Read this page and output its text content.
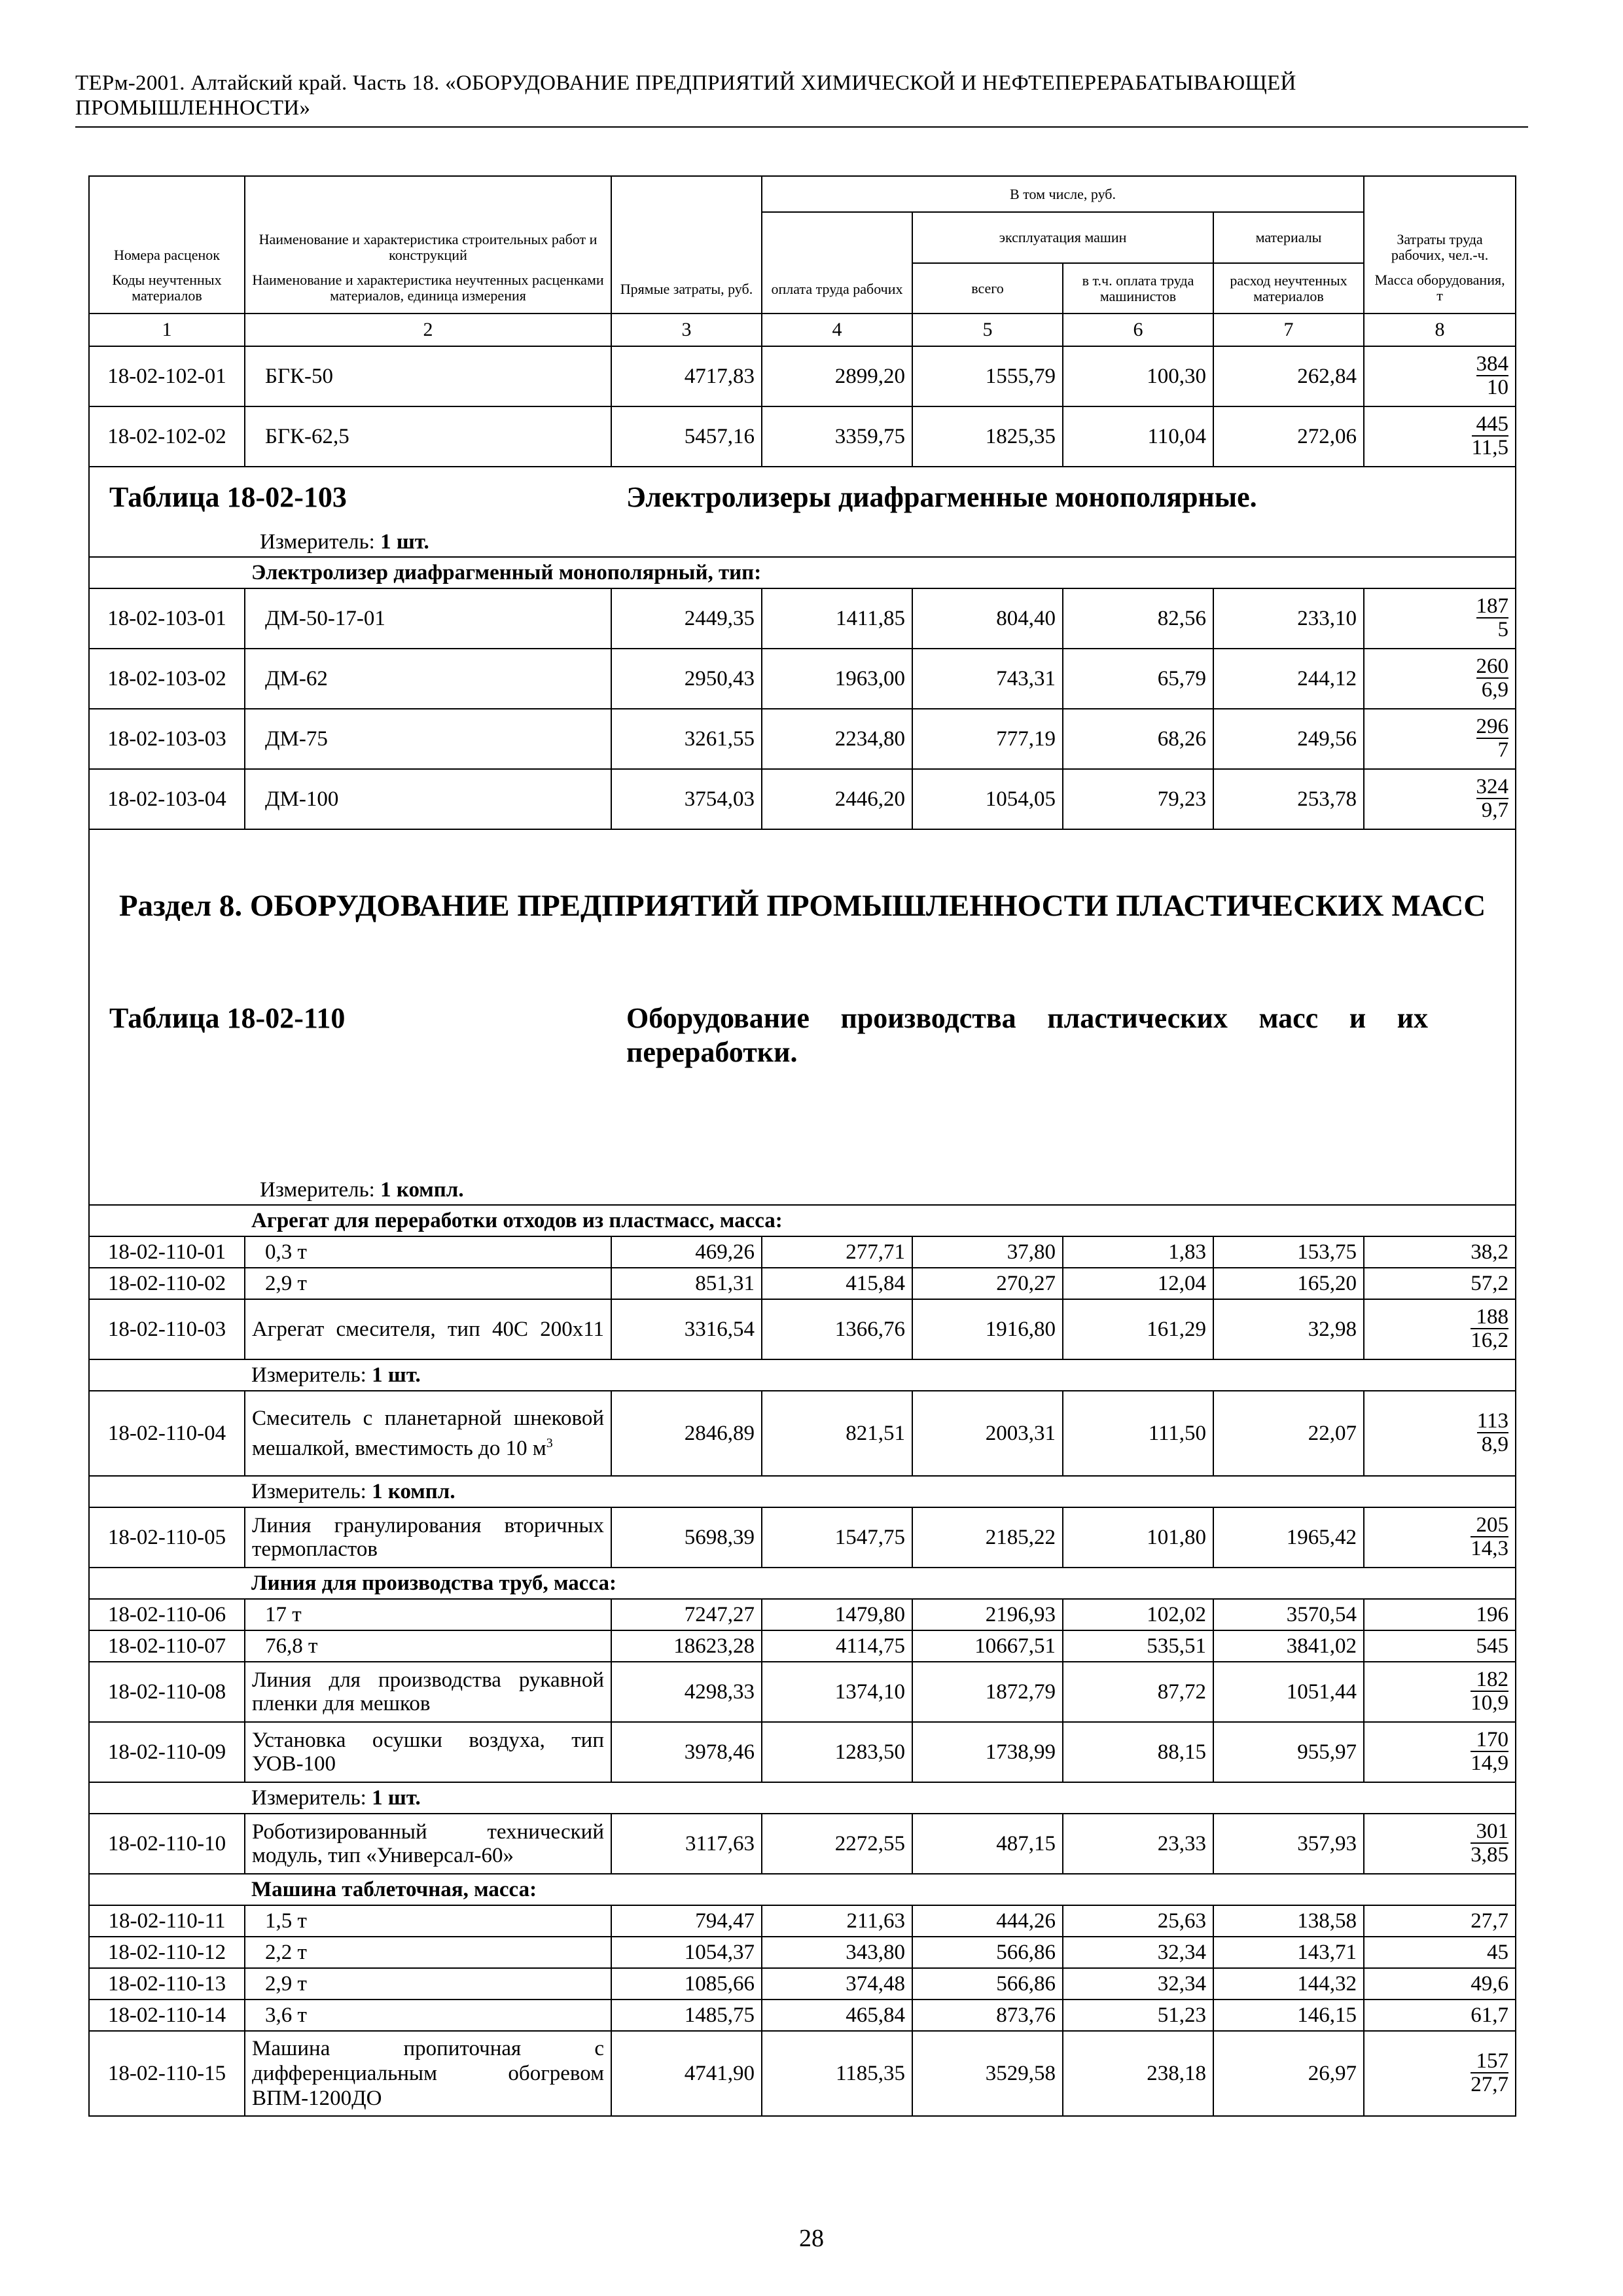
ТЕРм-2001. Алтайский край. Часть 18. «ОБОРУДОВАНИЕ ПРЕДПРИЯТИЙ ХИМИЧЕСКОЙ И НЕФТЕПЕРЕРАБАТЫВАЮЩЕЙ ПРОМЫШЛЕННОСТИ»
Номера расценок	Наименование и характеристика строительных работ и конструкций	Прямые затраты, руб.	В том числе, руб.				Затраты труда рабочих, чел.-ч.
			оплата труда рабочих	эксплуатация машин		материалы	
Коды неучтенных материалов	Наименование и характеристика неучтенных расценками материалов, единица измерения			всего	в т.ч. оплата труда машинистов	расход неучтенных материалов	Масса оборудования, т

1	2	3	4	5	6	7	8
18-02-102-01	БГК-50	4717,83	2899,20	1555,79	100,30	262,84	$\frac{384}{10}$

18-02-102-02	БГК-62,5	5457,16	3359,75	1825,35	110,04	272,06	$\frac{445}{11,5}$

Таблица 18-02-103 Электролизеры диафрагменные монополярные.							

Измеритель: 1 шт.							
	Электролизер диафрагменный монополярный, тип:						
18-02-103-01	ДМ-50-17-01	2449,35	1411,85	804,40	82,56	233,10	$\frac{187}{5}$

18-02-103-02	ДМ-62	2950,43	1963,00	743,31	65,79	244,12	$\frac{260}{6,9}$

18-02-103-03	ДМ-75	3261,55	2234,80	777,19	68,26	249,56	$\frac{296}{7}$

18-02-103-04	ДМ-100	3754,03	2446,20	1054,05	79,23	253,78	$\frac{324}{9,7}$

Раздел 8. ОБОРУДОВАНИЕ ПРЕДПРИЯТИЙ ПРОМЫШЛЕННОСТИ ПЛАСТИЧЕСКИХ МАСС
Таблица 18-02-110 Оборудование производства пластических масс и их переработки.							

Измеритель: 1 компл.							
	Агрегат для переработки отходов из пластмасс, масса:						
18-02-110-01	0,3 т	469,26	277,71	37,80	1,83	153,75	38,2
18-02-110-02	2,9 т	851,31	415,84	270,27	12,04	165,20	57,2
18-02-110-03	Агрегат смесителя, тип 40С 200x11	3316,54	1366,76	1916,80	161,29	32,98	$\frac{188}{16,2}$

	Измеритель: 1 шт.						
18-02-110-04	Смеситель с планетарной шнековой мешалкой, вместимость до 10 $м^3$	2846,89	821,51	2003,31	111,50	22,07	$\frac{113}{8,9}$

	Измеритель: 1 компл.						
18-02-110-05	Линия гранулирования вторичных термопластов	5698,39	1547,75	2185,22	101,80	1965,42	$\frac{205}{14,3}$

	Линия для производства труб, масса:						
18-02-110-06	17 т	7247,27	1479,80	2196,93	102,02	3570,54	196
18-02-110-07	76,8 т	18623,28	4114,75	10667,51	535,51	3841,02	545
18-02-110-08	Линия для производства рукавной пленки для мешков	4298,33	1374,10	1872,79	87,72	1051,44	$\frac{182}{10,9}$

18-02-110-09	Установка осушки воздуха, тип УОВ-100	3978,46	1283,50	1738,99	88,15	955,97	$\frac{170}{14,9}$

	Измеритель: 1 шт.						
18-02-110-10	Роботизированный технический модуль, тип «Универсал-60»	3117,63	2272,55	487,15	23,33	357,93	$\frac{301}{3,85}$

	Машина таблеточная, масса:						
18-02-110-11	1,5 т	794,47	211,63	444,26	25,63	138,58	27,7
18-02-110-12	2,2 т	1054,37	343,80	566,86	32,34	143,71	45
18-02-110-13	2,9 т	1085,66	374,48	566,86	32,34	144,32	49,6
18-02-110-14	3,6 т	1485,75	465,84	873,76	51,23	146,15	61,7
18-02-110-15	Машина пропиточная с дифференциальным обогревом ВПМ-1200ДО	4741,90	1185,35	3529,58	238,18	26,97	$\frac{157}{27,7}$
28
